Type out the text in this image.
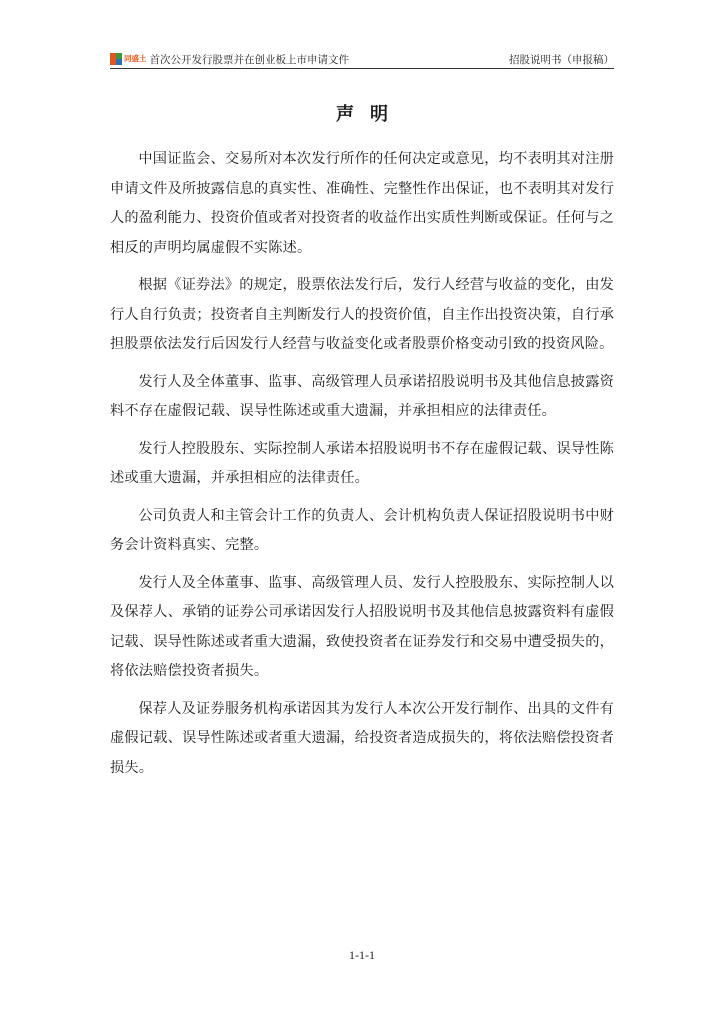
同盛土 首次公开发行股票并在创业板上市申请文件	招股说明书（申报稿）
声明

中国证监会、交易所对本次发行所作的任何决定或意见，均不表明其对注册申请文件及所披露信息的真实性、准确性、完整性作出保证，也不表明其对发行人的盈利能力、投资价值或者对投资者的收益作出实质性判断或保证。任何与之相反的声明均属虚假不实陈述。

根据《证券法》的规定，股票依法发行后，发行人经营与收益的变化，由发行人自行负责；投资者自主判断发行人的投资价值，自主作出投资决策，自行承担股票依法发行后因发行人经营与收益变化或者股票价格变动引致的投资风险。

发行人及全体董事、监事、高级管理人员承诺招股说明书及其他信息披露资料不存在虚假记载、误导性陈述或重大遗漏，并承担相应的法律责任。

发行人控股股东、实际控制人承诺本招股说明书不存在虚假记载、误导性陈述或重大遗漏，并承担相应的法律责任。

公司负责人和主管会计工作的负责人、会计机构负责人保证招股说明书中财务会计资料真实、完整。

发行人及全体董事、监事、高级管理人员、发行人控股股东、实际控制人以及保荐人、承销的证券公司承诺因发行人招股说明书及其他信息披露资料有虚假记载、误导性陈述或者重大遗漏，致使投资者在证券发行和交易中遭受损失的，将依法赔偿投资者损失。

保荐人及证券服务机构承诺因其为发行人本次公开发行制作、出具的文件有虚假记载、误导性陈述或者重大遗漏，给投资者造成损失的，将依法赔偿投资者损失。

1-1-1
